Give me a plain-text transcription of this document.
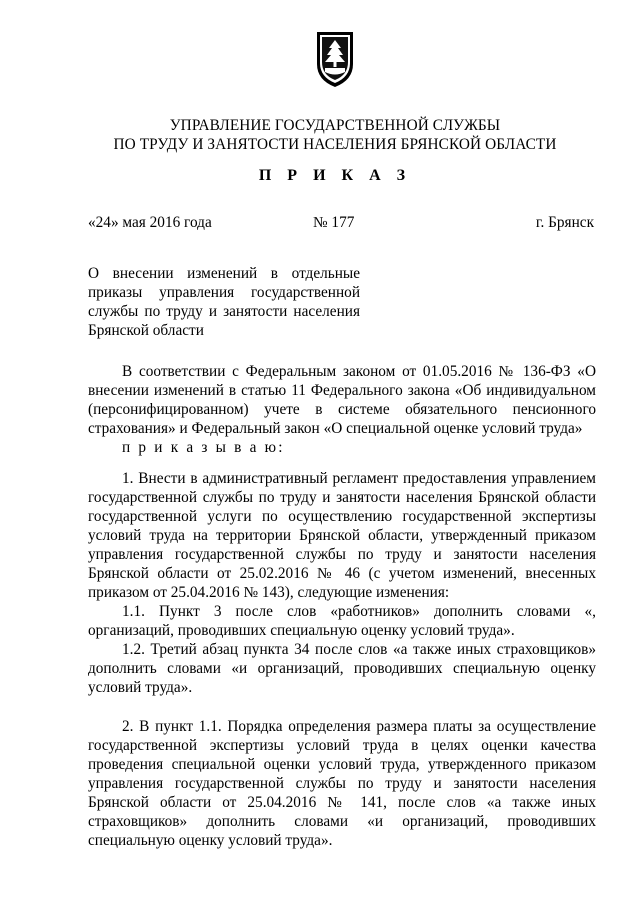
УПРАВЛЕНИЕ ГОСУДАРСТВЕННОЙ СЛУЖБЫ
ПО ТРУДУ И ЗАНЯТОСТИ НАСЕЛЕНИЯ БРЯНСКОЙ ОБЛАСТИ
П Р И К А З
«24» мая 2016 года	№ 177	г. Брянск
О внесении изменений в отдельные приказы управления государственной службы по труду и занятости населения Брянской области

В соответствии с Федеральным законом от 01.05.2016 № 136-ФЗ «О внесении изменений в статью 11 Федерального закона «Об индивидуальном (персонифицированном) учете в системе обязательного пенсионного страхования» и Федеральный закон «О специальной оценке условий труда»

п р и к а з ы в а ю:

1. Внести в административный регламент предоставления управлением государственной службы по труду и занятости населения Брянской области государственной услуги по осуществлению государственной экспертизы условий труда на территории Брянской области, утвержденный приказом управления государственной службы по труду и занятости населения Брянской области от 25.02.2016 № 46 (с учетом изменений, внесенных приказом от 25.04.2016 № 143), следующие изменения:

1.1. Пункт 3 после слов «работников» дополнить словами «, организаций, проводивших специальную оценку условий труда».

1.2. Третий абзац пункта 34 после слов «а также иных страховщиков» дополнить словами «и организаций, проводивших специальную оценку условий труда».

2. В пункт 1.1. Порядка определения размера платы за осуществление государственной экспертизы условий труда в целях оценки качества проведения специальной оценки условий труда, утвержденного приказом управления государственной службы по труду и занятости населения Брянской области от 25.04.2016 № 141, после слов «а также иных страховщиков» дополнить словами «и организаций, проводивших специальную оценку условий труда».
